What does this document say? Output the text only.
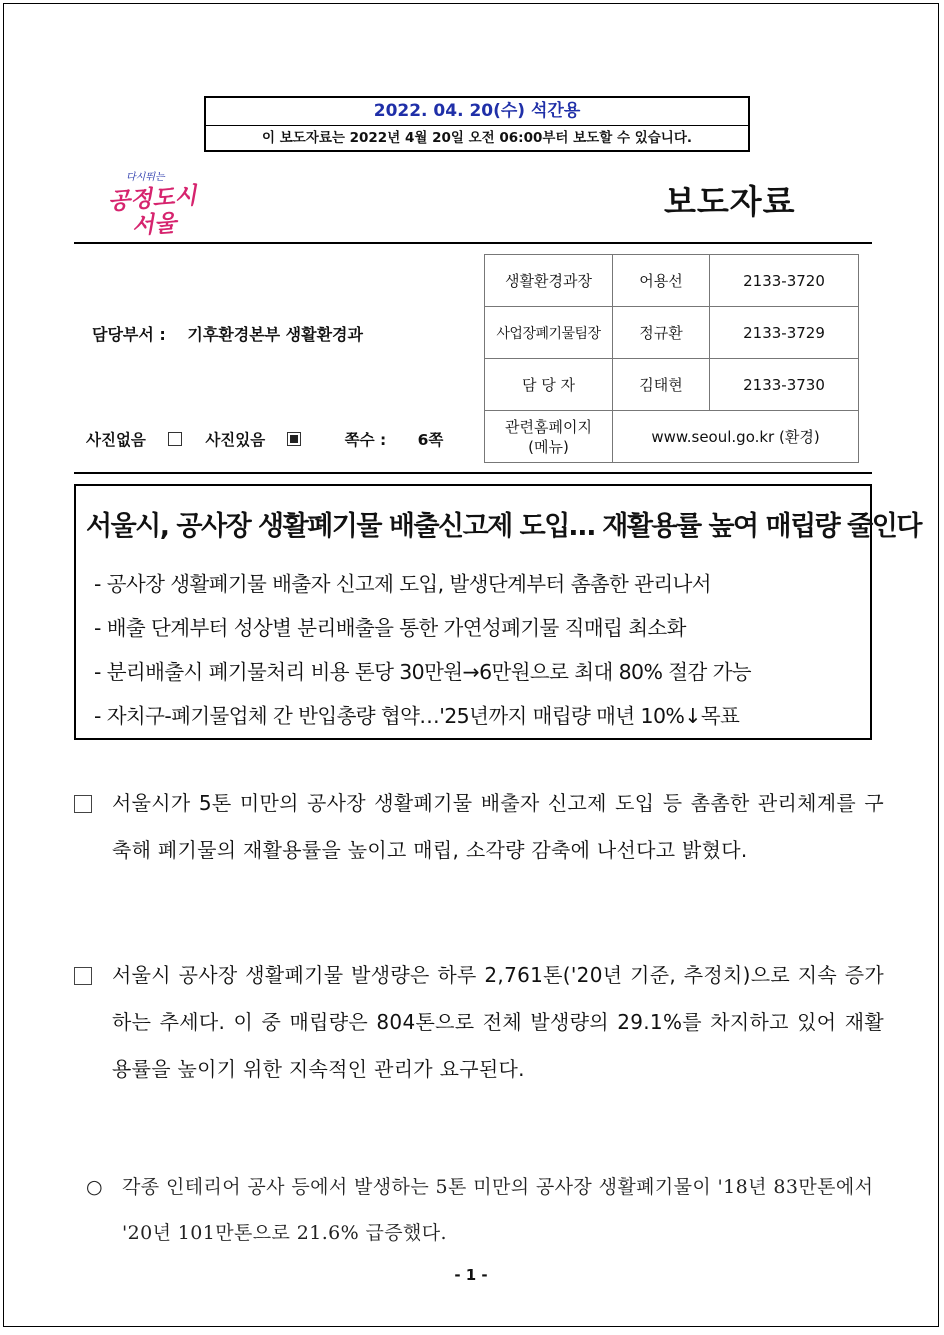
2022. 04. 20(수) 석간용
이 보도자료는 2022년 4월 20일 오전 06:00부터 보도할 수 있습니다.
다시뛰는
공정도시
서울
보도자료
담당부서 : 기후환경본부 생활환경과
사진없음	사진있음	쪽수 : 6쪽
생활환경과장	어용선	2133-3720
사업장폐기물팀장	정규환	2133-3729
담 당 자	김태현	2133-3730
관련홈페이지
(메뉴)	www.seoul.go.kr (환경)	
서울시, 공사장 생활폐기물 배출신고제 도입… 재활용률 높여 매립량 줄인다
- 공사장 생활폐기물 배출자 신고제 도입, 발생단계부터 촘촘한 관리나서
- 배출 단계부터 성상별 분리배출을 통한 가연성폐기물 직매립 최소화
- 분리배출시 폐기물처리 비용 톤당 30만원→6만원으로 최대 80% 절감 가능
- 자치구-폐기물업체 간 반입총량 협약…'25년까지 매립량 매년 10%↓목표
서울시가 5톤 미만의 공사장 생활폐기물 배출자 신고제 도입 등 촘촘한 관리체계를 구축해 폐기물의 재활용률을 높이고 매립, 소각량 감축에 나선다고 밝혔다.
서울시 공사장 생활폐기물 발생량은 하루 2,761톤('20년 기준, 추정치)으로 지속 증가하는 추세다. 이 중 매립량은 804톤으로 전체 발생량의 29.1%를 차지하고 있어 재활용률을 높이기 위한 지속적인 관리가 요구된다.
○ 각종 인테리어 공사 등에서 발생하는 5톤 미만의 공사장 생활폐기물이 '18년 83만톤에서 '20년 101만톤으로 21.6% 급증했다.
- 1 -
